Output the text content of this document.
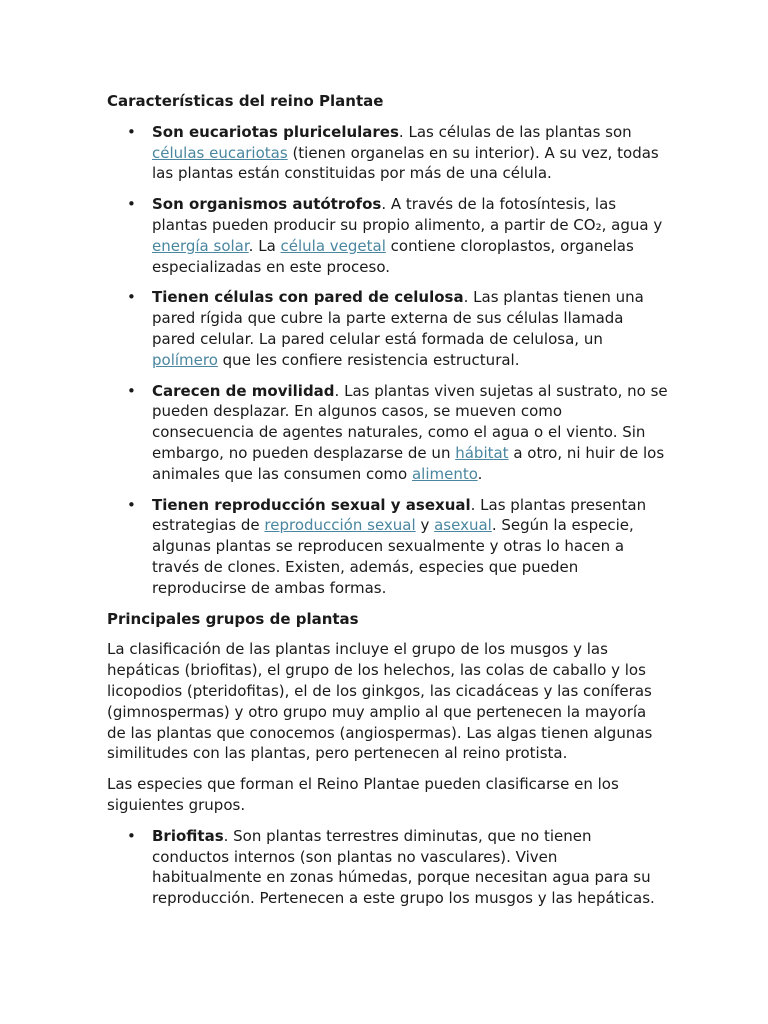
Características del reino Plantae

• Son eucariotas pluricelulares. Las células de las plantas son células eucariotas (tienen organelas en su interior). A su vez, todas las plantas están constituidas por más de una célula.
• Son organismos autótrofos. A través de la fotosíntesis, las plantas pueden producir su propio alimento, a partir de CO₂, agua y energía solar. La célula vegetal contiene cloroplastos, organelas especializadas en este proceso.
• Tienen células con pared de celulosa. Las plantas tienen una pared rígida que cubre la parte externa de sus células llamada pared celular. La pared celular está formada de celulosa, un polímero que les confiere resistencia estructural.
• Carecen de movilidad. Las plantas viven sujetas al sustrato, no se pueden desplazar. En algunos casos, se mueven como consecuencia de agentes naturales, como el agua o el viento. Sin embargo, no pueden desplazarse de un hábitat a otro, ni huir de los animales que las consumen como alimento.
• Tienen reproducción sexual y asexual. Las plantas presentan estrategias de reproducción sexual y asexual. Según la especie, algunas plantas se reproducen sexualmente y otras lo hacen a través de clones. Existen, además, especies que pueden reproducirse de ambas formas.

Principales grupos de plantas

La clasificación de las plantas incluye el grupo de los musgos y las hepáticas (briofitas), el grupo de los helechos, las colas de caballo y los licopodios (pteridofitas), el de los ginkgos, las cicadáceas y las coníferas (gimnospermas) y otro grupo muy amplio al que pertenecen la mayoría de las plantas que conocemos (angiospermas). Las algas tienen algunas similitudes con las plantas, pero pertenecen al reino protista.

Las especies que forman el Reino Plantae pueden clasificarse en los siguientes grupos.

• Briofitas. Son plantas terrestres diminutas, que no tienen conductos internos (son plantas no vasculares). Viven habitualmente en zonas húmedas, porque necesitan agua para su reproducción. Pertenecen a este grupo los musgos y las hepáticas.
